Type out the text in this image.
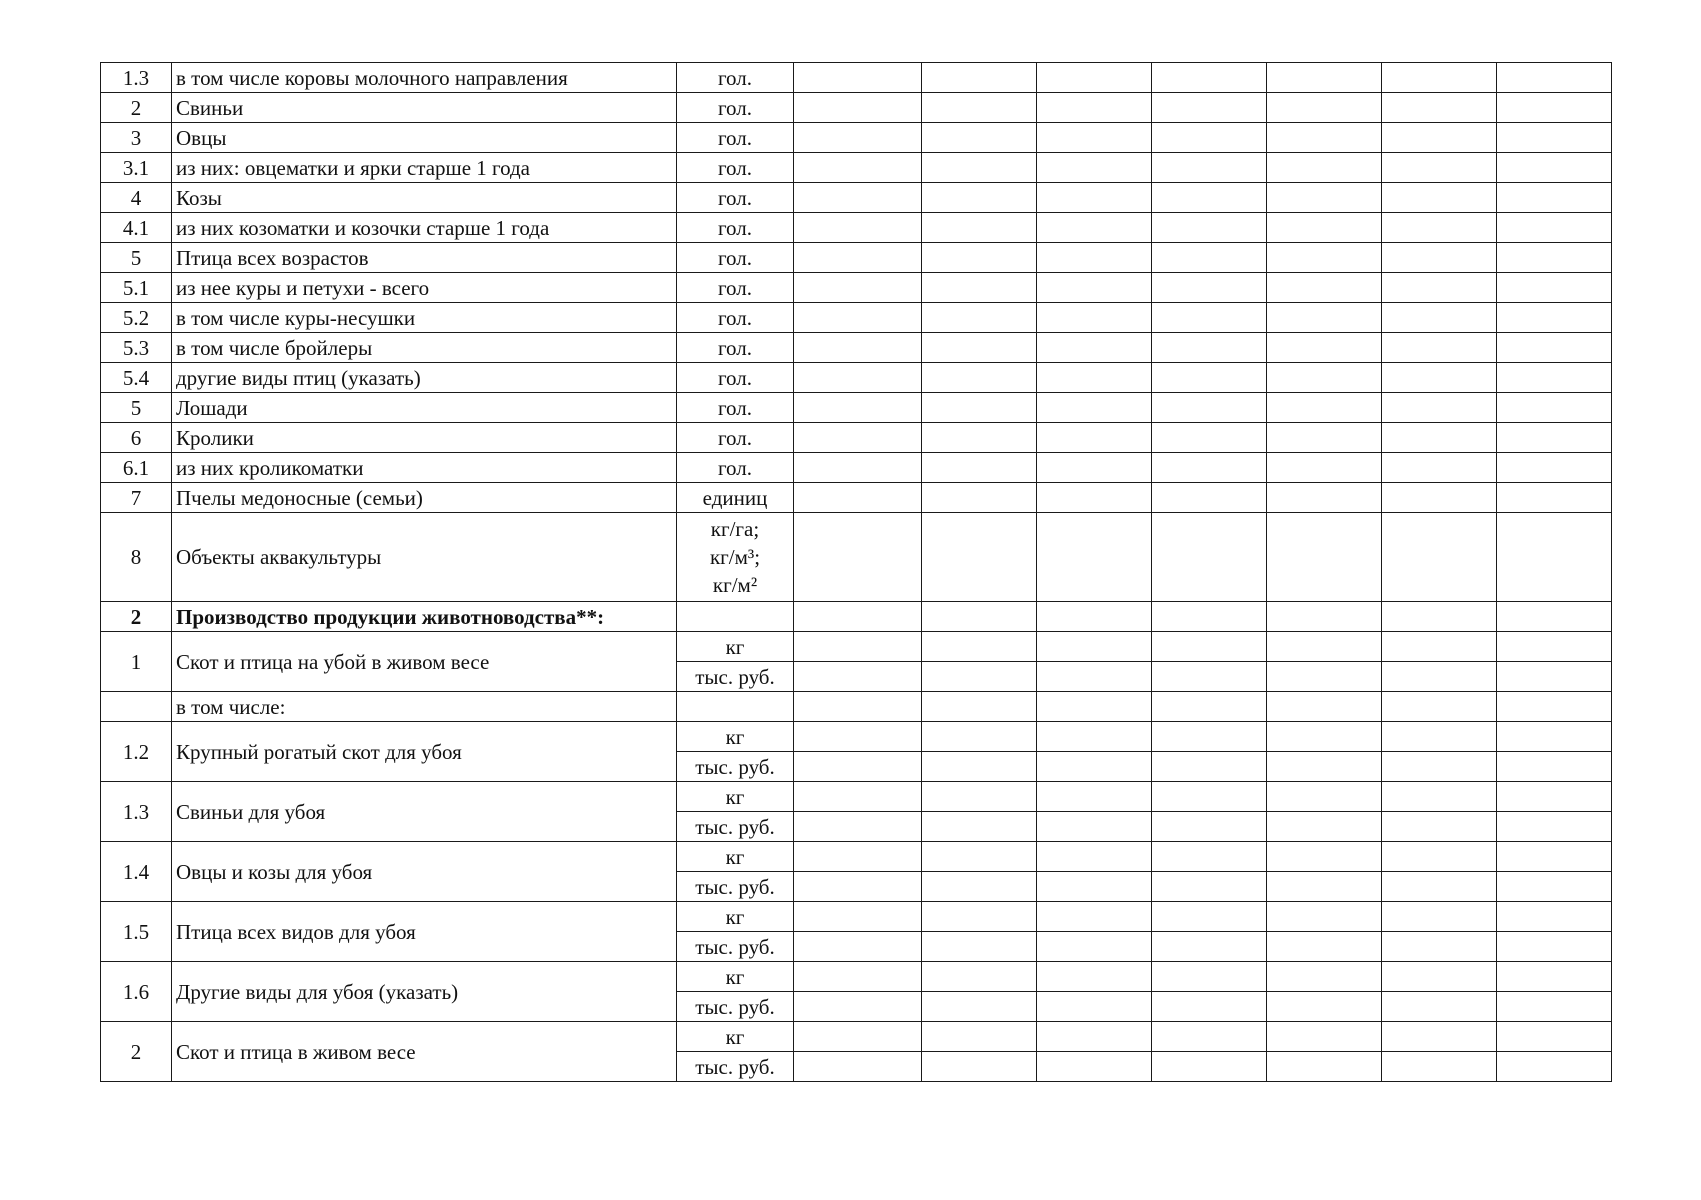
1.3	в том числе коровы молочного направления	гол.							
2	Свиньи	гол.							
3	Овцы	гол.							
3.1	из них: овцематки и ярки старше 1 года	гол.							
4	Козы	гол.							
4.1	из них козоматки и козочки старше 1 года	гол.							
5	Птица всех возрастов	гол.							
5.1	из нее куры и петухи - всего	гол.							
5.2	в том числе куры-несушки	гол.							
5.3	в том числе бройлеры	гол.							
5.4	другие виды птиц (указать)	гол.							
5	Лошади	гол.							
6	Кролики	гол.							
6.1	из них кроликоматки	гол.							
7	Пчелы медоносные (семьи)	единиц							
8	Объекты аквакультуры	кг/га;
кг/м³;
кг/м²							

2	Производство продукции животноводства**:								
1	Скот и птица на убой в живом весе	кг							
		тыс. руб.							
	в том числе:								
1.2	Крупный рогатый скот для убоя	кг							
		тыс. руб.							
1.3	Свиньи для убоя	кг							
		тыс. руб.							
1.4	Овцы и козы для убоя	кг							
		тыс. руб.							
1.5	Птица всех видов для убоя	кг							
		тыс. руб.							
1.6	Другие виды для убоя (указать)	кг							
		тыс. руб.							
2	Скот и птица в живом весе	кг							
		тыс. руб.							
